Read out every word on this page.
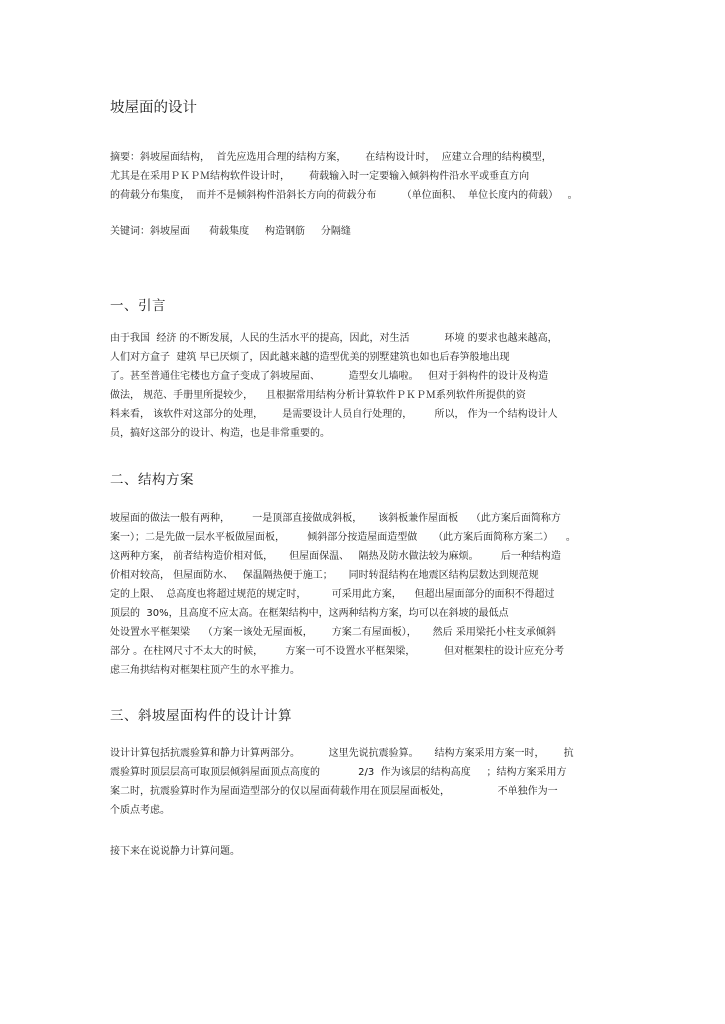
坡屋面的设计
摘要：斜坡屋面结构，  首先应选用合理的结构方案，      在结构设计时，  应建立合理的结构模型，
尤其是在采用ＰＫＰＭ结构软件设计时，      荷载输入时一定要输入倾斜构件沿水平或垂直方向
的荷载分布集度，  而并不是倾斜构件沿斜长方向的荷载分布        （单位面积、  单位长度内的荷载）   。
关键词：斜坡屋面      荷载集度     构造钢筋     分隔缝
一、引言
由于我国  经济 的不断发展，人民的生活水平的提高，因此，对生活           环境 的要求也越来越高，
人们对方盒子  建筑 早已厌烦了，因此越来越的造型优美的别墅建筑也如也后春笋般地出现
了。甚至普通住宅楼也方盒子变成了斜坡屋面、         造型女儿墙啦。   但对于斜构件的设计及构造
做法， 规范、手册里所提较少，    且根据常用结构分析计算软件ＰＫＰＭ系列软件所提供的资
料来看， 该软件对这部分的处理，      是需要设计人员自行处理的，       所以， 作为一个结构设计人
员，搞好这部分的设计、构造，也是非常重要的。
二、结构方案
坡屋面的做法一般有两种，       一是顶部直接做成斜板，     该斜板兼作屋面板    （此方案后面简称方
案一）；二是先做一层水平板做屋面板，       倾斜部分按造屋面造型做     （此方案后面简称方案二）    。
这两种方案， 前者结构造价相对低，     但屋面保温、   隔热及防水做法较为麻烦。       后一种结构造
价相对较高， 但屋面防水、   保温隔热便于施工；     同时转混结构在地震区结构层数达到规范规
定的上限、  总高度也将超过规范的规定时，        可采用此方案，    但超出屋面部分的面积不得超过
顶层的  30%，且高度不应太高。在框架结构中，这两种结构方案，均可以在斜坡的最低点
处设置水平框架梁    （方案一该处无屋面板，      方案二有屋面板），     然后 采用梁托小柱支承倾斜
部分 。在柱网尺寸不太大的时候，       方案一可不设置水平框架梁，         但对框架柱的设计应充分考
虑三角拱结构对框架柱顶产生的水平推力。
三、斜坡屋面构件的设计计算
设计计算包括抗震验算和静力计算两部分。         这里先说抗震验算。     结构方案采用方案一时，      抗
震验算时顶层层高可取顶层倾斜屋面顶点高度的            2/3  作为该层的结构高度     ；结构方案采用方
案二时，抗震验算时作为屋面造型部分的仅以屋面荷载作用在顶层屋面板处，               不单独作为一
个质点考虑。
接下来在说说静力计算问题。
